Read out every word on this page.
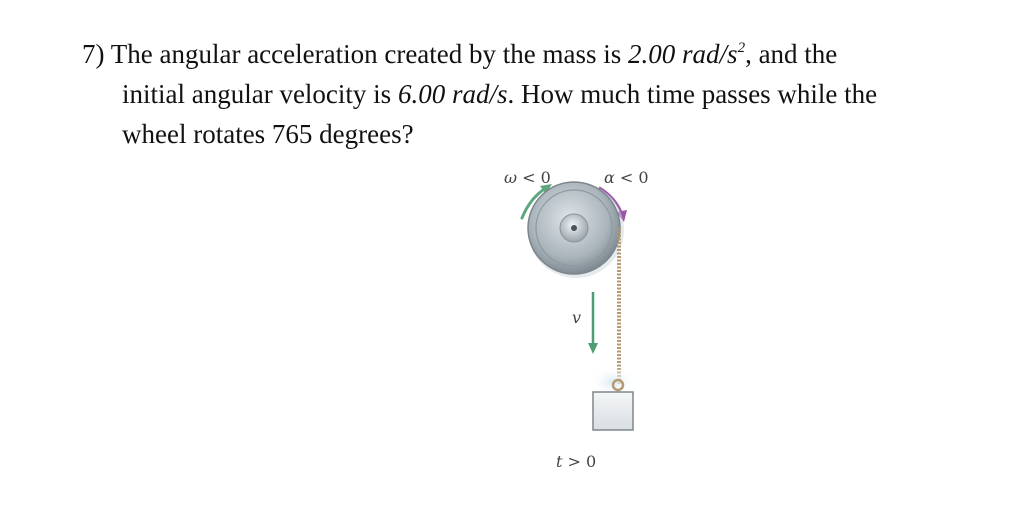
7) The angular acceleration created by the mass is 2.00 rad/$s^2$, and the
initial angular velocity is 6.00 rad/s. How much time passes while the
wheel rotates 765 degrees?
ω < 0	α < 0
v
t > 0
